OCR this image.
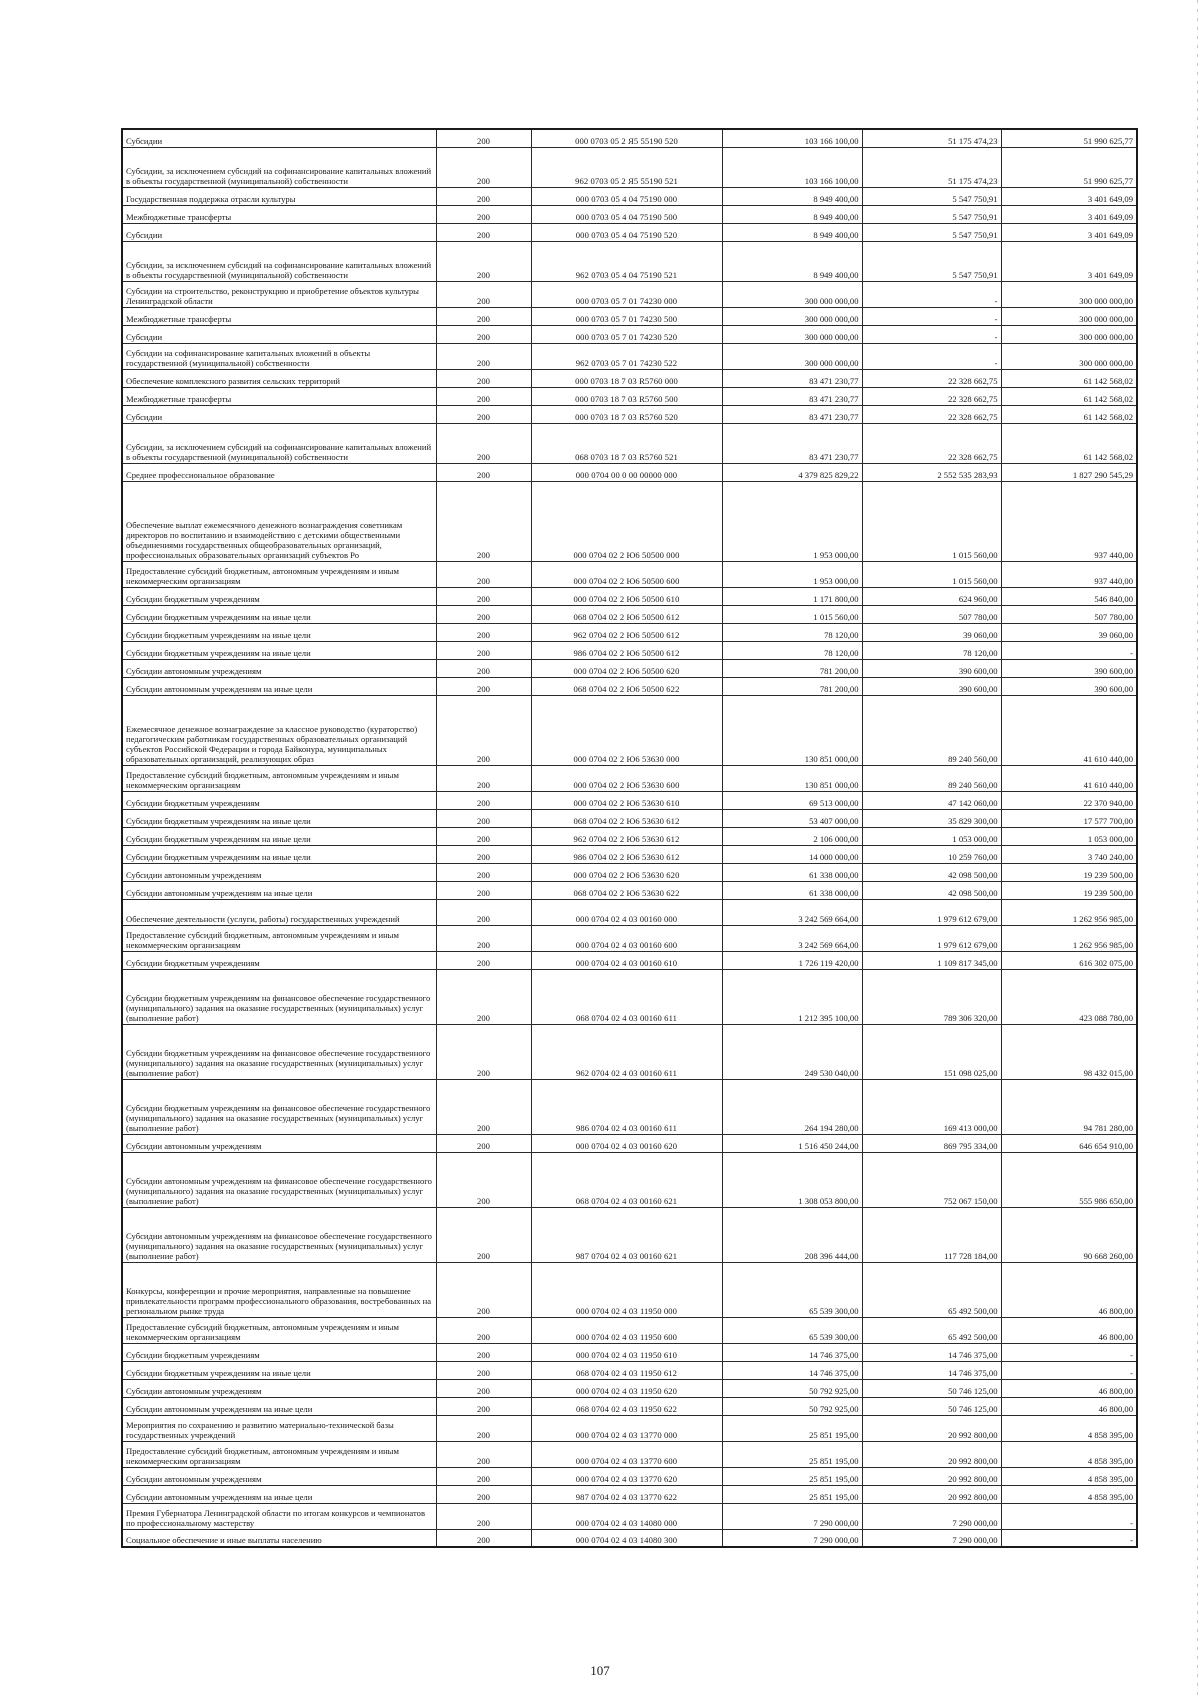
Субсидии	200	000 0703 05 2 Я5 55190 520	103 166 100,00	51 175 474,23	51 990 625,77
Субсидии, за исключением субсидий на софинансирование капитальных вложений в объекты государственной (муниципальной) собственности	200	962 0703 05 2 Я5 55190 521	103 166 100,00	51 175 474,23	51 990 625,77
Государственная поддержка отрасли культуры	200	000 0703 05 4 04 75190 000	8 949 400,00	5 547 750,91	3 401 649,09
Межбюджетные трансферты	200	000 0703 05 4 04 75190 500	8 949 400,00	5 547 750,91	3 401 649,09
Субсидии	200	000 0703 05 4 04 75190 520	8 949 400,00	5 547 750,91	3 401 649,09
Субсидии, за исключением субсидий на софинансирование капитальных вложений в объекты государственной (муниципальной) собственности	200	962 0703 05 4 04 75190 521	8 949 400,00	5 547 750,91	3 401 649,09
Субсидии на строительство, реконструкцию и приобретение объектов культуры Ленинградской области	200	000 0703 05 7 01 74230 000	300 000 000,00	-	300 000 000,00
Межбюджетные трансферты	200	000 0703 05 7 01 74230 500	300 000 000,00	-	300 000 000,00
Субсидии	200	000 0703 05 7 01 74230 520	300 000 000,00	-	300 000 000,00
Субсидии на софинансирование капитальных вложений в объекты государственной (муниципальной) собственности	200	962 0703 05 7 01 74230 522	300 000 000,00	-	300 000 000,00
Обеспечение комплексного развития сельских территорий	200	000 0703 18 7 03 R5760 000	83 471 230,77	22 328 662,75	61 142 568,02
Межбюджетные трансферты	200	000 0703 18 7 03 R5760 500	83 471 230,77	22 328 662,75	61 142 568,02
Субсидии	200	000 0703 18 7 03 R5760 520	83 471 230,77	22 328 662,75	61 142 568,02
Субсидии, за исключением субсидий на софинансирование капитальных вложений в объекты государственной (муниципальной) собственности	200	068 0703 18 7 03 R5760 521	83 471 230,77	22 328 662,75	61 142 568,02
Среднее профессиональное образование	200	000 0704 00 0 00 00000 000	4 379 825 829,22	2 552 535 283,93	1 827 290 545,29
Обеспечение выплат ежемесячного денежного вознаграждения советникам директоров по воспитанию и взаимодействию с детскими общественными объединениями государственных общеобразовательных организаций, профессиональных образовательных организаций субъектов Ро	200	000 0704 02 2 Ю6 50500 000	1 953 000,00	1 015 560,00	937 440,00
Предоставление субсидий бюджетным, автономным учреждениям и иным некоммерческим организациям	200	000 0704 02 2 Ю6 50500 600	1 953 000,00	1 015 560,00	937 440,00
Субсидии бюджетным учреждениям	200	000 0704 02 2 Ю6 50500 610	1 171 800,00	624 960,00	546 840,00
Субсидии бюджетным учреждениям на иные цели	200	068 0704 02 2 Ю6 50500 612	1 015 560,00	507 780,00	507 780,00
Субсидии бюджетным учреждениям на иные цели	200	962 0704 02 2 Ю6 50500 612	78 120,00	39 060,00	39 060,00
Субсидии бюджетным учреждениям на иные цели	200	986 0704 02 2 Ю6 50500 612	78 120,00	78 120,00	-
Субсидии автономным учреждениям	200	000 0704 02 2 Ю6 50500 620	781 200,00	390 600,00	390 600,00
Субсидии автономным учреждениям на иные цели	200	068 0704 02 2 Ю6 50500 622	781 200,00	390 600,00	390 600,00
Ежемесячное денежное вознаграждение за классное руководство (кураторство) педагогическим работникам государственных образовательных организаций субъектов Российской Федерации и города Байконура, муниципальных образовательных организаций, реализующих образ	200	000 0704 02 2 Ю6 53630 000	130 851 000,00	89 240 560,00	41 610 440,00
Предоставление субсидий бюджетным, автономным учреждениям и иным некоммерческим организациям	200	000 0704 02 2 Ю6 53630 600	130 851 000,00	89 240 560,00	41 610 440,00
Субсидии бюджетным учреждениям	200	000 0704 02 2 Ю6 53630 610	69 513 000,00	47 142 060,00	22 370 940,00
Субсидии бюджетным учреждениям на иные цели	200	068 0704 02 2 Ю6 53630 612	53 407 000,00	35 829 300,00	17 577 700,00
Субсидии бюджетным учреждениям на иные цели	200	962 0704 02 2 Ю6 53630 612	2 106 000,00	1 053 000,00	1 053 000,00
Субсидии бюджетным учреждениям на иные цели	200	986 0704 02 2 Ю6 53630 612	14 000 000,00	10 259 760,00	3 740 240,00
Субсидии автономным учреждениям	200	000 0704 02 2 Ю6 53630 620	61 338 000,00	42 098 500,00	19 239 500,00
Субсидии автономным учреждениям на иные цели	200	068 0704 02 2 Ю6 53630 622	61 338 000,00	42 098 500,00	19 239 500,00
Обеспечение деятельности (услуги, работы) государственных учреждений	200	000 0704 02 4 03 00160 000	3 242 569 664,00	1 979 612 679,00	1 262 956 985,00
Предоставление субсидий бюджетным, автономным учреждениям и иным некоммерческим организациям	200	000 0704 02 4 03 00160 600	3 242 569 664,00	1 979 612 679,00	1 262 956 985,00
Субсидии бюджетным учреждениям	200	000 0704 02 4 03 00160 610	1 726 119 420,00	1 109 817 345,00	616 302 075,00
Субсидии бюджетным учреждениям на финансовое обеспечение государственного (муниципального) задания на оказание государственных (муниципальных) услуг (выполнение работ)	200	068 0704 02 4 03 00160 611	1 212 395 100,00	789 306 320,00	423 088 780,00
Субсидии бюджетным учреждениям на финансовое обеспечение государственного (муниципального) задания на оказание государственных (муниципальных) услуг (выполнение работ)	200	962 0704 02 4 03 00160 611	249 530 040,00	151 098 025,00	98 432 015,00
Субсидии бюджетным учреждениям на финансовое обеспечение государственного (муниципального) задания на оказание государственных (муниципальных) услуг (выполнение работ)	200	986 0704 02 4 03 00160 611	264 194 280,00	169 413 000,00	94 781 280,00
Субсидии автономным учреждениям	200	000 0704 02 4 03 00160 620	1 516 450 244,00	869 795 334,00	646 654 910,00
Субсидии автономным учреждениям на финансовое обеспечение государственного (муниципального) задания на оказание государственных (муниципальных) услуг (выполнение работ)	200	068 0704 02 4 03 00160 621	1 308 053 800,00	752 067 150,00	555 986 650,00
Субсидии автономным учреждениям на финансовое обеспечение государственного (муниципального) задания на оказание государственных (муниципальных) услуг (выполнение работ)	200	987 0704 02 4 03 00160 621	208 396 444,00	117 728 184,00	90 668 260,00
Конкурсы, конференции и прочие мероприятия, направленные на повышение привлекательности программ профессионального образования, востребованных на региональном рынке труда	200	000 0704 02 4 03 11950 000	65 539 300,00	65 492 500,00	46 800,00
Предоставление субсидий бюджетным, автономным учреждениям и иным некоммерческим организациям	200	000 0704 02 4 03 11950 600	65 539 300,00	65 492 500,00	46 800,00
Субсидии бюджетным учреждениям	200	000 0704 02 4 03 11950 610	14 746 375,00	14 746 375,00	-
Субсидии бюджетным учреждениям на иные цели	200	068 0704 02 4 03 11950 612	14 746 375,00	14 746 375,00	-
Субсидии автономным учреждениям	200	000 0704 02 4 03 11950 620	50 792 925,00	50 746 125,00	46 800,00
Субсидии автономным учреждениям на иные цели	200	068 0704 02 4 03 11950 622	50 792 925,00	50 746 125,00	46 800,00
Мероприятия по сохранению и развитию материально-технической базы государственных учреждений	200	000 0704 02 4 03 13770 000	25 851 195,00	20 992 800,00	4 858 395,00
Предоставление субсидий бюджетным, автономным учреждениям и иным некоммерческим организациям	200	000 0704 02 4 03 13770 600	25 851 195,00	20 992 800,00	4 858 395,00
Субсидии автономным учреждениям	200	000 0704 02 4 03 13770 620	25 851 195,00	20 992 800,00	4 858 395,00
Субсидии автономным учреждениям на иные цели	200	987 0704 02 4 03 13770 622	25 851 195,00	20 992 800,00	4 858 395,00
Премия Губернатора Ленинградской области по итогам конкурсов и чемпионатов по профессиональному мастерству	200	000 0704 02 4 03 14080 000	7 290 000,00	7 290 000,00	-
Социальное обеспечение и иные выплаты населению	200	000 0704 02 4 03 14080 300	7 290 000,00	7 290 000,00	-
107
